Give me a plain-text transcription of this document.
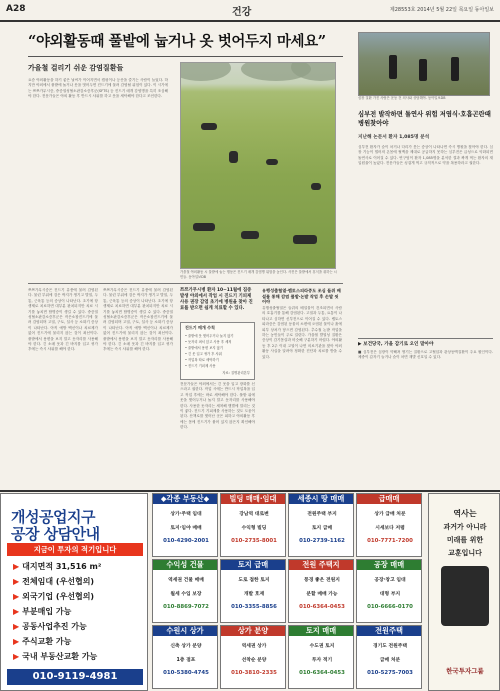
A28	건강	제28553호 2014년 5월 22일 목요일 동아일보
“야외활동때 풀밭에 눕거나 옷 벗어두지 마세요”
가을철 걸리기 쉬운 감염질환들
요즘 야외활동을 하기 좋은 날씨가 이어지면서 캠핑이나 등산을 즐기는 사람이 늘었다. 하지만 야외에서 풀밭에 눕거나 옷을 벗어두면 진드기에 물려 감염될 위험이 있다. 이 시기에는 쯔쯔가무시증, 중증열성혈소판감소증후군(SFTS) 등 진드기 매개 감염병을 특히 조심해야 한다. 전문가들은 야외 활동 후 반드시 샤워를 하고 옷을 세탁해야 한다고 조언한다.
가을철 야외활동 시 풀밭에 눕는 행동은 진드기 매개 감염병 위험을 높인다. 사진은 풀밭에서 휴식을 취하는 시민들. 동아일보DB
쯔쯔가무시증은 진드기 유충에 물려 감염된다. 물린 부위에 검은 딱지가 생기고 발열, 두통, 근육통 등의 증상이 나타난다. 초기에 항생제로 치료하면 대부분 완치되지만 치료 시기를 놓치면 합병증이 생길 수 있다. 중증열성혈소판감소증후군은 작은소참진드기에 물려 감염되며 고열, 구토, 설사 등 소화기 증상이 나타난다. 아직 예방 백신이나 치료제가 없어 진드기에 물리지 않는 것이 최선이다. 풀밭에서 용변을 보지 말고 돗자리를 사용해야 한다. 긴 소매 옷과 긴 바지를 입고 귀가 후에는 즉시 샤워를 해야 한다.
쯔쯔가무시증은 진드기 유충에 물려 감염된다. 물린 부위에 검은 딱지가 생기고 발열, 두통, 근육통 등의 증상이 나타난다. 초기에 항생제로 치료하면 대부분 완치되지만 치료 시기를 놓치면 합병증이 생길 수 있다. 중증열성혈소판감소증후군은 작은소참진드기에 물려 감염되며 고열, 구토, 설사 등 소화기 증상이 나타난다. 아직 예방 백신이나 치료제가 없어 진드기에 물리지 않는 것이 최선이다. 풀밭에서 용변을 보지 말고 돗자리를 사용해야 한다. 긴 소매 옷과 긴 바지를 입고 귀가 후에는 즉시 샤워를 해야 한다.
쯔쯔가무시병 환자 10~11월에 집중 발생 야외에서 작업 시 진드기 기피제 사용 권장 감염 초기에 병원을 찾아 진료를 받으면 쉽게 치료할 수 있다.
진드기 매개 수칙
• 풀밭에 옷 벗어두거나 눕지 않기
• 돗자리 펴서 앉고 사용 후 세척
• 풀밭에서 용변 보지 않기
• 긴 옷 입고 귀가 후 샤워
• 작업복 따로 세탁하기
• 진드기 기피제 사용
자료: 질병관리본부
전문가들은 야외에서는 긴 옷을 입고 장화를 신으라고 권한다. 작업 시에는 반드시 작업복을 입고 작업 후에는 바로 세탁해야 한다. 풀밭 위에 옷을 벗어두거나 눕지 말고 돗자리를 사용해야 한다. 사용한 돗자리는 세척해 햇볕에 말리는 것이 좋다. 진드기 기피제를 사용하는 것도 도움이 된다. 산책로를 벗어난 곳은 피하고 야외활동 후에는 몸에 진드기가 붙어 있지 않은지 확인해야 한다.
유행성출혈열·렙토스피라증도 조심 들쥐 배설물 통해 감염 풀밭·논밭 작업 후 손발 씻어야
유행성출혈열은 들쥐의 배설물이 건조되면서 사람의 호흡기를 통해 감염된다. 고열과 두통, 요통이 나타나고 심하면 신부전으로 이어질 수 있다. 렙토스피라증은 감염된 동물의 소변에 오염된 물이나 흙에 피부 상처가 닿으면 감염된다. 추수철 논밭 작업을 하는 농민들이 주로 걸린다. 가을철 발열성 질환은 증상이 감기몸살과 비슷해 구분하기 어렵다. 야외활동 후 2주 이내 고열이 나면 의료기관을 찾아 야외활동 사실을 알려야 정확한 진단과 치료를 받을 수 있다.
심장 질환 가진 사람은 운동 전 의사와 상담해야. 동아일보DB
심부전 발작하면 돌연사 위험 저염식·호흡곤란때 병원찾아야
지난해 논문서 환자 1,085명 분석
심부전 환자가 숨이 차거나 다리가 붓는 증상이 나타나면 즉시 병원을 찾아야 한다. 심장 기능이 떨어져 온몸에 혈액을 제대로 공급하지 못하는 심부전은 급성으로 악화되면 돌연사로 이어질 수 있다. 연구팀이 환자 1,085명을 분석한 결과 짜게 먹는 환자의 재입원율이 높았다. 전문가들은 싱겁게 먹고 규칙적으로 약을 복용하라고 권한다.
▶ 보건당국, 가을 감기로 오인 말아야
■ 심부전은 심장이 약해져 생기는 질환으로 고혈압과 관상동맥질환이 주요 원인이다. 체중이 갑자기 늘거나 숨이 차면 재발 신호일 수 있다.
개성공업지구
공장 상담안내
지금이 투자의 적기입니다
▶ 대지면적 31,516 m²
▶ 전체임대 (우선협의)
▶ 외국기업 (우선협의)
▶ 부분매입 가능
▶ 공동사업추진 가능
▶ 주식교환 가능
▶ 국내 부동산교환 가능
010-9119-4981
◆각종 부동산◆
상가·주택 임대
토지·임야 매매
010-4290-2001
빌딩 매매·임대
강남역 대로변
수익형 빌딩
010-2735-8001
세종시 땅 매매
전원주택 부지
토지 급매
010-2739-1162
급매매
상가 급매 처분
시세보다 저렴
010-7771-7200
수익성 건물
역세권 건물 매매
월세 수입 보장
010-8869-7072
토지 급매
도로 접한 토지
개발 호재
010-3355-8856
전원 주택지
풍경 좋은 전원지
분할 매매 가능
010-6364-0453
공장 매매
공장·창고 임대
대형 부지
010-6666-0170
수원시 상가
신축 상가 분양
1층 점포
010-5380-4745
상가 분양
역세권 상가
선착순 분양
010-3810-2335
토지 매매
수도권 토지
투자 적기
010-6364-0453
전원주택
경기도 전원주택
급매 처분
010-5275-7003
역사는
과거가 아니라
미래를 위한
교훈입니다
한국투자그룹
